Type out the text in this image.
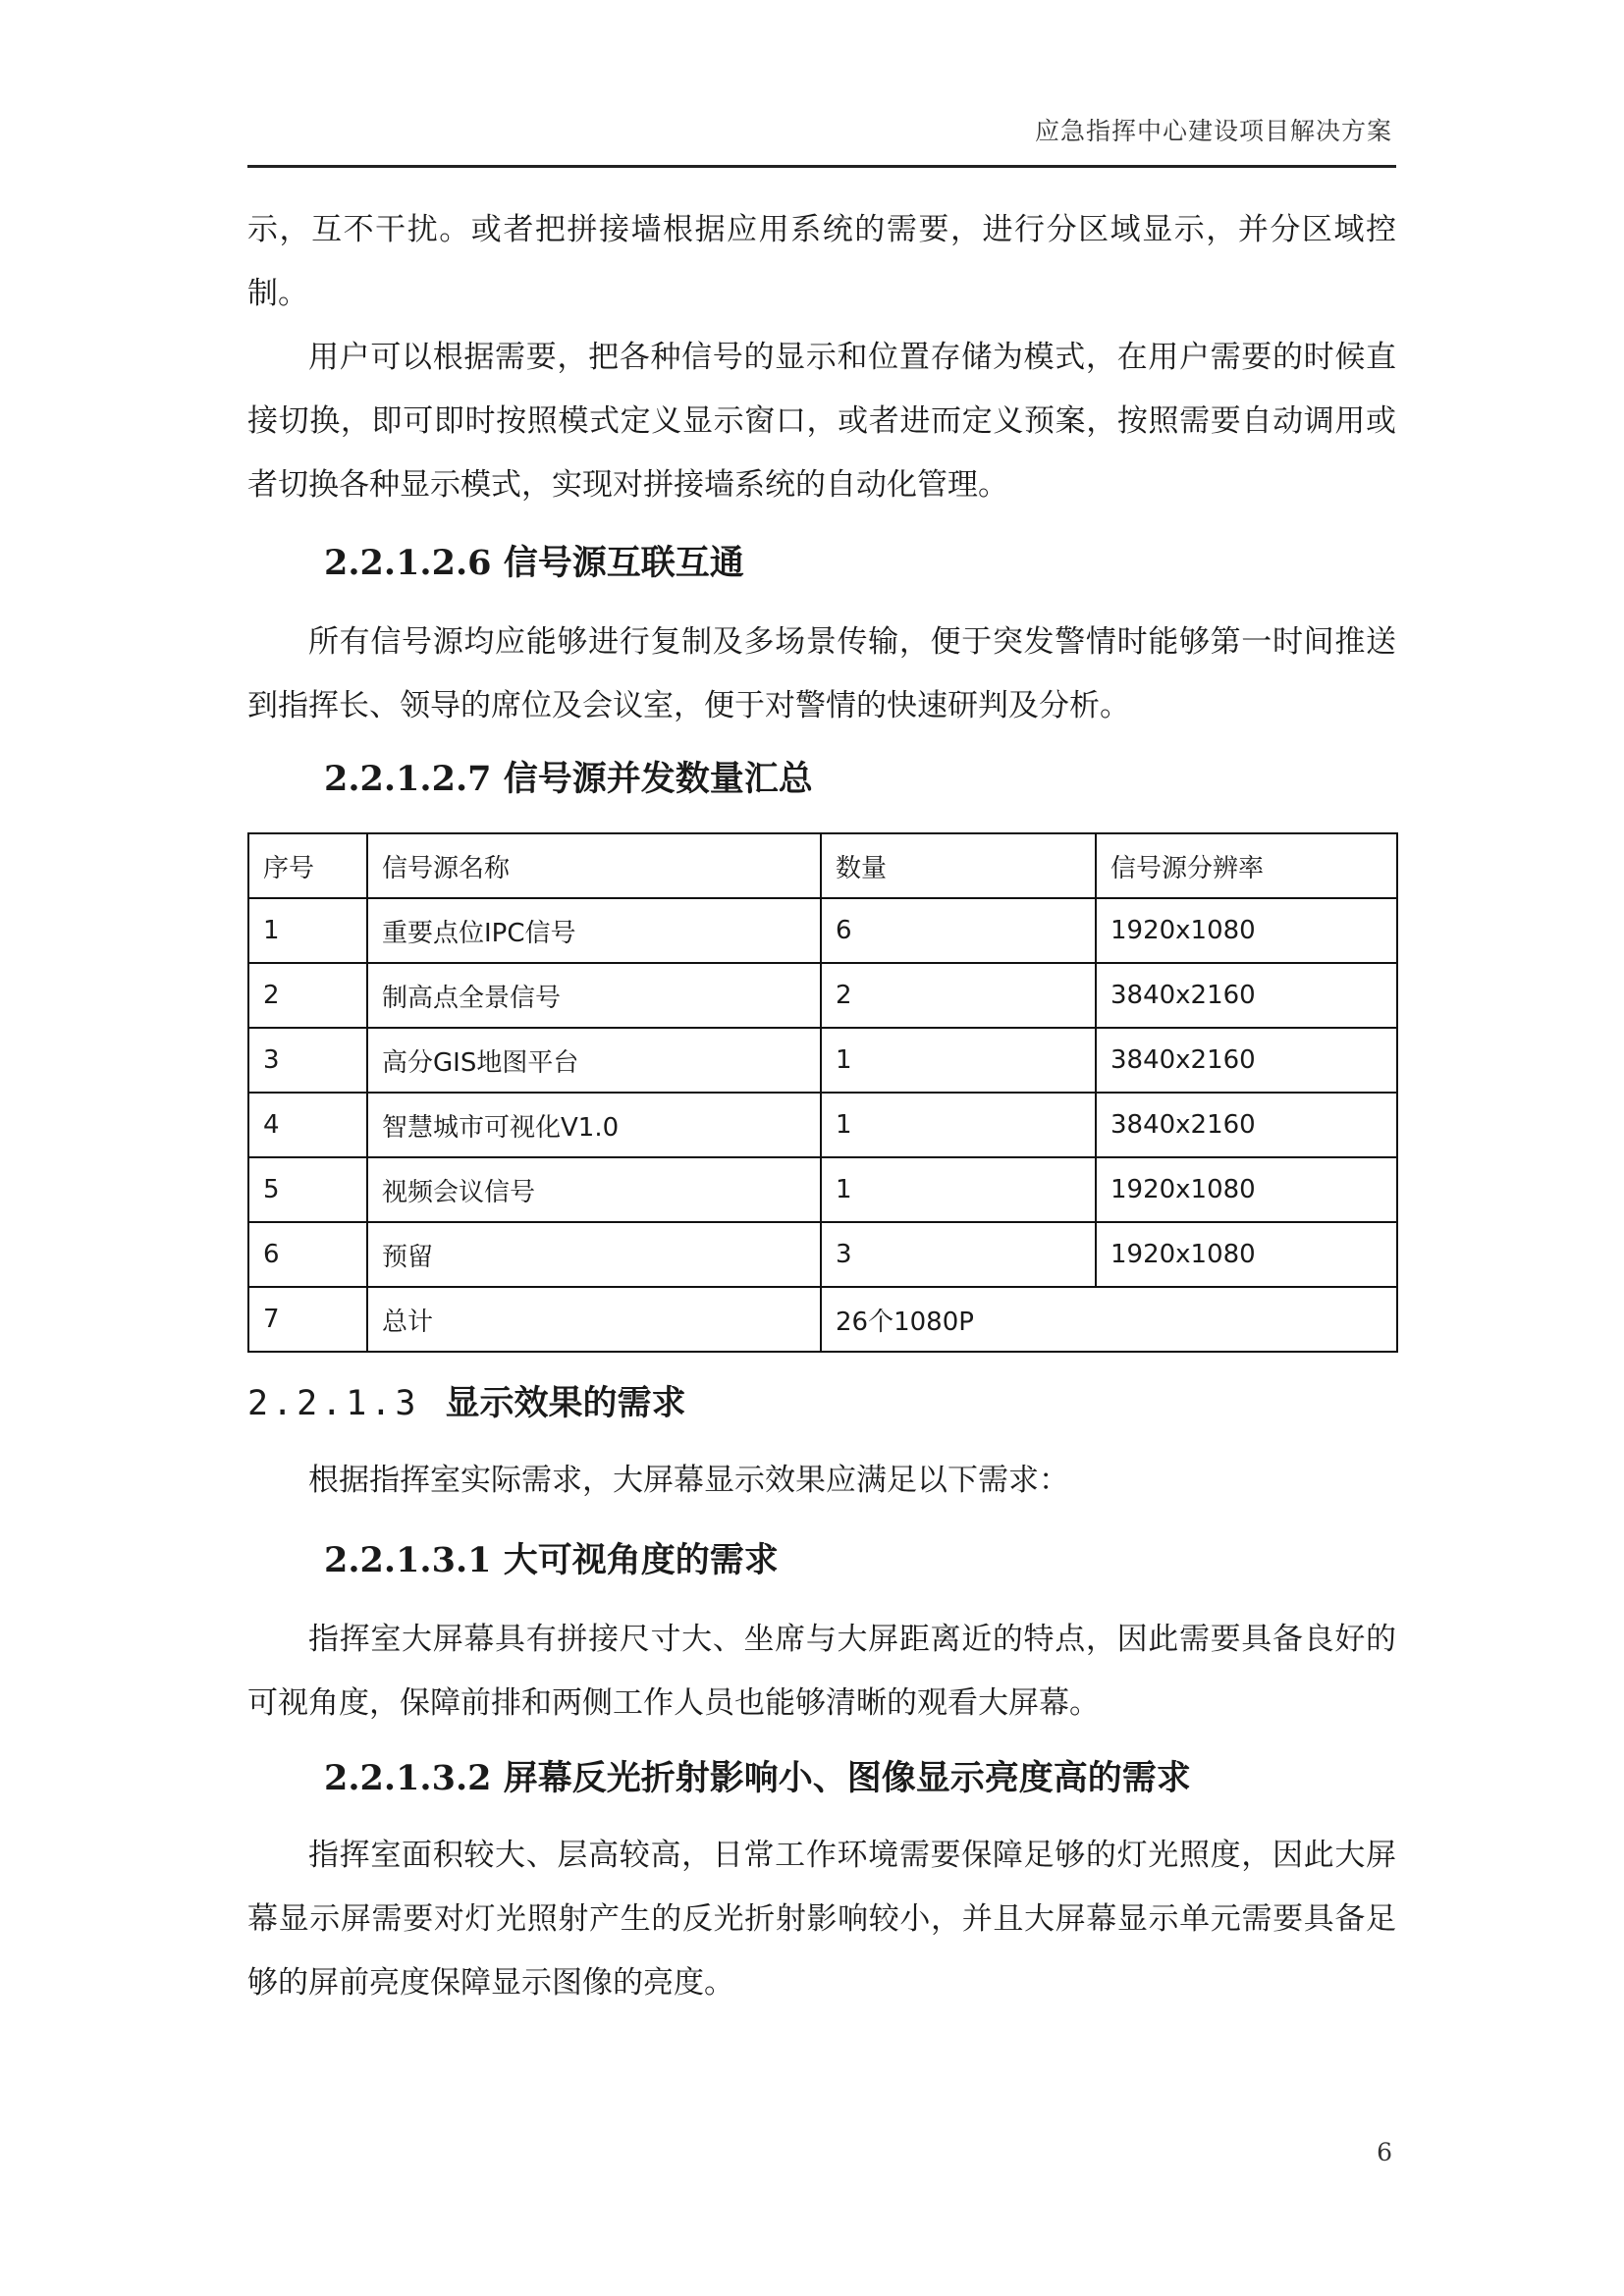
应急指挥中心建设项目解决方案

示，互不干扰。或者把拼接墙根据应用系统的需要，进行分区域显示，并分区域控制。

用户可以根据需要，把各种信号的显示和位置存储为模式，在用户需要的时候直接切换，即可即时按照模式定义显示窗口，或者进而定义预案，按照需要自动调用或者切换各种显示模式，实现对拼接墙系统的自动化管理。

2.2.1.2.6 信号源互联互通

所有信号源均应能够进行复制及多场景传输，便于突发警情时能够第一时间推送到指挥长、领导的席位及会议室，便于对警情的快速研判及分析。

2.2.1.2.7 信号源并发数量汇总
序号	信号源名称	数量	信号源分辨率
1	重要点位IPC信号	6	1920x1080
2	制高点全景信号	2	3840x2160
3	高分GIS地图平台	1	3840x2160
4	智慧城市可视化V1.0	1	3840x2160
5	视频会议信号	1	1920x1080
6	预留	3	1920x1080
7	总计	26个1080P	
2.2.1.3 显示效果的需求

根据指挥室实际需求，大屏幕显示效果应满足以下需求：

2.2.1.3.1 大可视角度的需求

指挥室大屏幕具有拼接尺寸大、坐席与大屏距离近的特点，因此需要具备良好的可视角度，保障前排和两侧工作人员也能够清晰的观看大屏幕。

2.2.1.3.2 屏幕反光折射影响小、图像显示亮度高的需求

指挥室面积较大、层高较高，日常工作环境需要保障足够的灯光照度，因此大屏幕显示屏需要对灯光照射产生的反光折射影响较小，并且大屏幕显示单元需要具备足够的屏前亮度保障显示图像的亮度。

6
